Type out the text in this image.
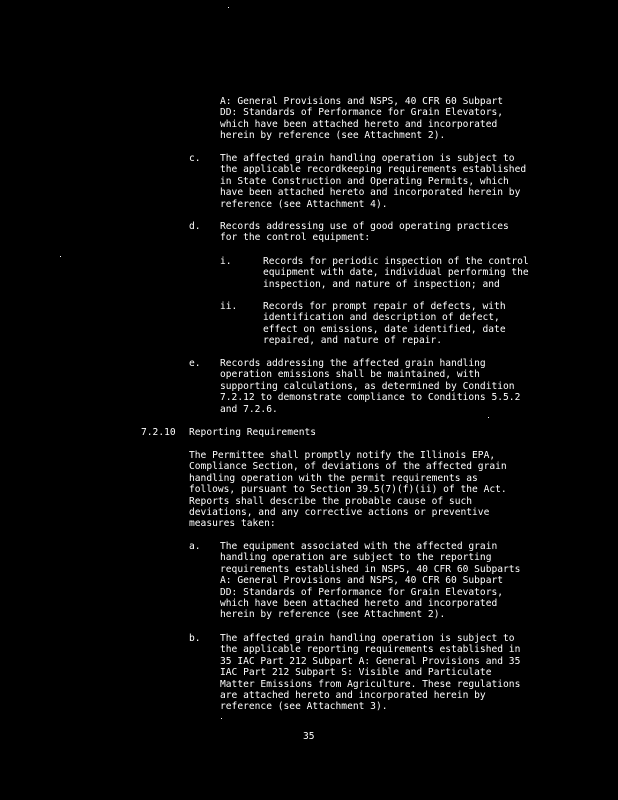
A: General Provisions and NSPS, 40 CFR 60 Subpart
DD: Standards of Performance for Grain Elevators,
which have been attached hereto and incorporated
herein by reference (see Attachment 2).

c. The affected grain handling operation is subject to
the applicable recordkeeping requirements established
in State Construction and Operating Permits, which
have been attached hereto and incorporated herein by
reference (see Attachment 4).

d. Records addressing use of good operating practices
for the control equipment:

i.	Records for periodic inspection of the control
equipment with date, individual performing the
inspection, and nature of inspection; and

ii.	Records for prompt repair of defects, with
identification and description of defect,
effect on emissions, date identified, date
repaired, and nature of repair.

e. Records addressing the affected grain handling
operation emissions shall be maintained, with
supporting calculations, as determined by Condition
7.2.12 to demonstrate compliance to Conditions 5.5.2
and 7.2.6.

7.2.10 Reporting Requirements

The Permittee shall promptly notify the Illinois EPA,
Compliance Section, of deviations of the affected grain
handling operation with the permit requirements as
follows, pursuant to Section 39.5(7)(f)(ii) of the Act.
Reports shall describe the probable cause of such
deviations, and any corrective actions or preventive
measures taken:

a. The equipment associated with the affected grain
handling operation are subject to the reporting
requirements established in NSPS, 40 CFR 60 Subparts
A: General Provisions and NSPS, 40 CFR 60 Subpart
DD: Standards of Performance for Grain Elevators,
which have been attached hereto and incorporated
herein by reference (see Attachment 2).

b. The affected grain handling operation is subject to
the applicable reporting requirements established in
35 IAC Part 212 Subpart A: General Provisions and 35
IAC Part 212 Subpart S: Visible and Particulate
Matter Emissions from Agriculture. These regulations
are attached hereto and incorporated herein by
reference (see Attachment 3).

35
